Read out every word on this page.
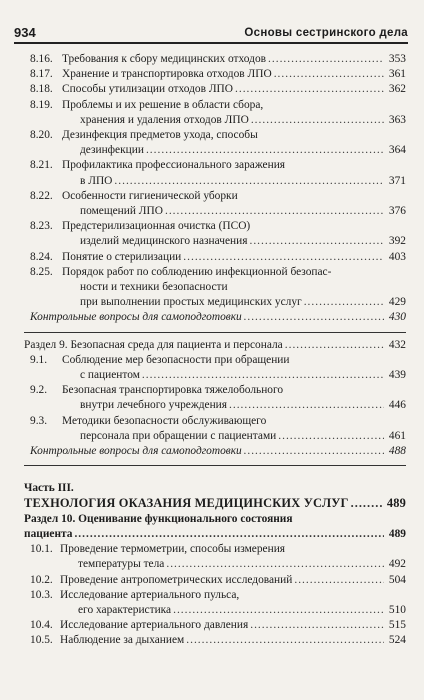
934	Основы сестринского дела
8.16. Требования к сбору медицинских отходов .....	353
8.17. Хранение и транспортировка отходов ЛПО .....	361
8.18. Способы утилизации отходов ЛПО .....	362
8.19. Проблемы и их решение в области сбора,
хранения и удаления отходов ЛПО .....	363
8.20. Дезинфекция предметов ухода, способы
дезинфекции .....	364
8.21. Профилактика профессионального заражения
в ЛПО .....	371
8.22. Особенности гигиенической уборки
помещений ЛПО .....	376
8.23. Предстерилизационная очистка (ПСО)
изделий медицинского назначения .....	392
8.24. Понятие о стерилизации .....	403
8.25. Порядок работ по соблюдению инфекционной безопас-
ности и техники безопасности
при выполнении простых медицинских услуг .....	429
Контрольные вопросы для самоподготовки .....	430
Раздел 9. Безопасная среда для пациента и персонала .....	432
9.1.	Соблюдение мер безопасности при обращении
с пациентом .....	439
9.2.	Безопасная транспортировка тяжелобольного
внутри лечебного учреждения .....	446
9.3.	Методики безопасности обслуживающего
персонала при обращении с пациентами .....	461
Контрольные вопросы для самоподготовки .....	488
Часть III.
ТЕХНОЛОГИЯ ОКАЗАНИЯ МЕДИЦИНСКИХ УСЛУГ .....	489
Раздел 10. Оценивание функционального состояния
пациента .....	489
10.1. Проведение термометрии, способы измерения
температуры тела .....	492
10.2. Проведение антропометрических исследований .....	504
10.3. Исследование артериального пульса,
его характеристика .....	510
10.4. Исследование артериального давления .....	515
10.5. Наблюдение за дыханием .....	524
